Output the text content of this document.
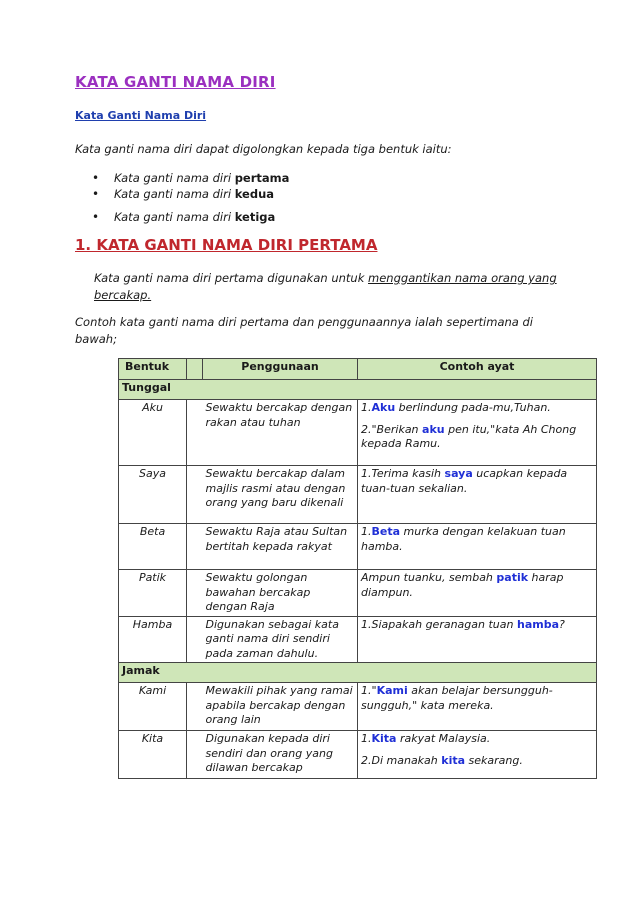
KATA GANTI NAMA DIRI
Kata Ganti Nama Diri
Kata ganti nama diri dapat digolongkan kepada tiga bentuk iaitu:
• Kata ganti nama diri pertama
• Kata ganti nama diri kedua
• Kata ganti nama diri ketiga
1. KATA GANTI NAMA DIRI PERTAMA
Kata ganti nama diri pertama digunakan untuk menggantikan nama orang yang
bercakap.
Contoh kata ganti nama diri pertama dan penggunaannya ialah sepertimana di bawah;
Bentuk		Penggunaan	Contoh ayat
Tunggal			
Aku		Sewaktu bercakap dengan rakan atau tuhan	1.Aku berlindung pada-mu,Tuhan.
2."Berikan aku pen itu,"kata Ah Chong kepada Ramu.

Saya		Sewaktu bercakap dalam majlis rasmi atau dengan orang yang baru dikenali	1.Terima kasih saya ucapkan kepada tuan-tuan sekalian.
Beta		Sewaktu Raja atau Sultan bertitah kepada rakyat	1.Beta murka dengan kelakuan tuan hamba.
Patik		Sewaktu golongan bawahan bercakap dengan Raja	Ampun tuanku, sembah patik harap diampun.
Hamba		Digunakan sebagai kata ganti nama diri sendiri pada zaman dahulu.	1.Siapakah geranagan tuan hamba?
Jamak			
Kami		Mewakili pihak yang ramai apabila bercakap dengan orang lain	1."Kami akan belajar bersungguh-sungguh," kata mereka.
Kita		Digunakan kepada diri sendiri dan orang yang dilawan bercakap	1.Kita rakyat Malaysia.
2.Di manakah kita sekarang.
